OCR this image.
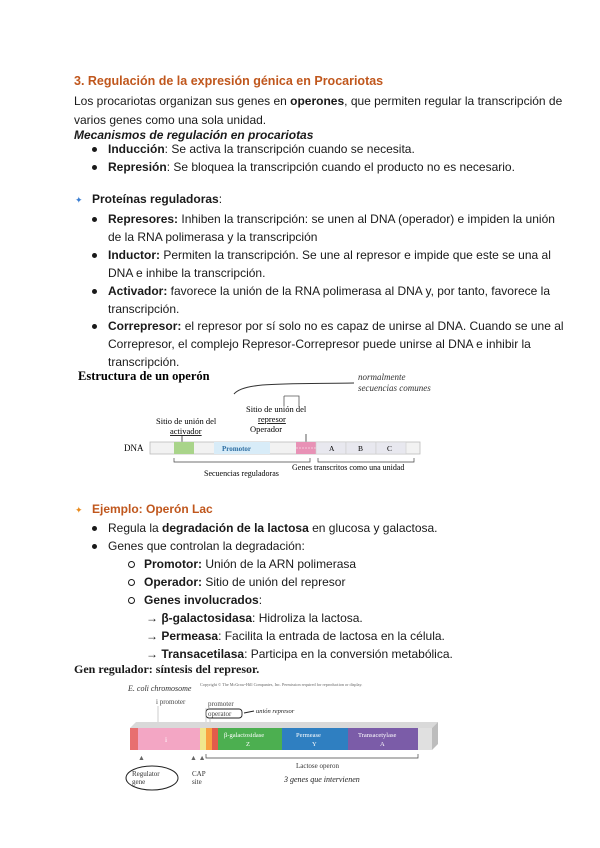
3. Regulación de la expresión génica en Procariotas
Los procariotas organizan sus genes en operones, que permiten regular la transcripción de
varios genes como una sola unidad.
Mecanismos de regulación en procariotas
Inducción: Se activa la transcripción cuando se necesita.
Represión: Se bloquea la transcripción cuando el producto no es necesario.
✦ Proteínas reguladoras:
Represores: Inhiben la transcripción: se unen al DNA (operador) e impiden la unión
de la RNA polimerasa y la transcripción
Inductor: Permiten la transcripción. Se une al represor e impide que este se una al
DNA e inhibe la transcripción.
Activador: favorece la unión de la RNA polimerasa al DNA y, por tanto, favorece la
transcripción.
Correpresor: el represor por sí solo no es capaz de unirse al DNA. Cuando se une al
Correpresor, el complejo Represor-Correpresor puede unirse al DNA e inhibir la
transcripción.
Estructura de un operón	normalmente
secuencias comunes
Sitio de unión del
activador
Sitio de unión del
represor
Operador
DNA	Promotor	A	B	C
Secuencias reguladoras
Genes transcritos como una unidad
✦ Ejemplo: Operón Lac
Regula la degradación de la lactosa en glucosa y galactosa.
Genes que controlan la degradación:
Promotor: Unión de la ARN polimerasa
Operador: Sitio de unión del represor
Genes involucrados:
→ β-galactosidasa: Hidroliza la lactosa.
→ Permeasa: Facilita la entrada de lactosa en la célula.
→ Transacetilasa: Participa en la conversión metabólica.
Gen regulador: síntesis del represor.
Copyright © The McGraw-Hill Companies, Inc. Permission required for reproduction or display.
E. coli chromosome
i promoter	promoter
operator	unión represor
i	β-galactosidase
Z
Permease
Y
Transacetylase
A
▲	▲ ▲
Regulator
gene
CAP
site
Lactose operon
3 genes que intervienen
